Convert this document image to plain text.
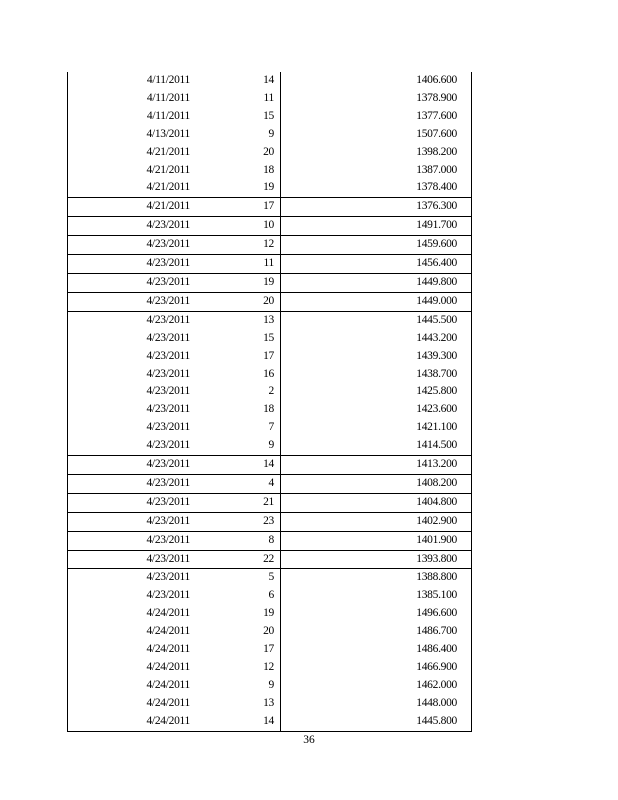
4/11/2011	14	1406.600
4/11/2011	11	1378.900
4/11/2011	15	1377.600
4/13/2011	9	1507.600
4/21/2011	20	1398.200
4/21/2011	18	1387.000
4/21/2011	19	1378.400
4/21/2011	17	1376.300
4/23/2011	10	1491.700
4/23/2011	12	1459.600
4/23/2011	11	1456.400
4/23/2011	19	1449.800
4/23/2011	20	1449.000
4/23/2011	13	1445.500
4/23/2011	15	1443.200
4/23/2011	17	1439.300
4/23/2011	16	1438.700
4/23/2011	2	1425.800
4/23/2011	18	1423.600
4/23/2011	7	1421.100
4/23/2011	9	1414.500
4/23/2011	14	1413.200
4/23/2011	4	1408.200
4/23/2011	21	1404.800
4/23/2011	23	1402.900
4/23/2011	8	1401.900
4/23/2011	22	1393.800
4/23/2011	5	1388.800
4/23/2011	6	1385.100
4/24/2011	19	1496.600
4/24/2011	20	1486.700
4/24/2011	17	1486.400
4/24/2011	12	1466.900
4/24/2011	9	1462.000
4/24/2011	13	1448.000
4/24/2011	14	1445.800
36
